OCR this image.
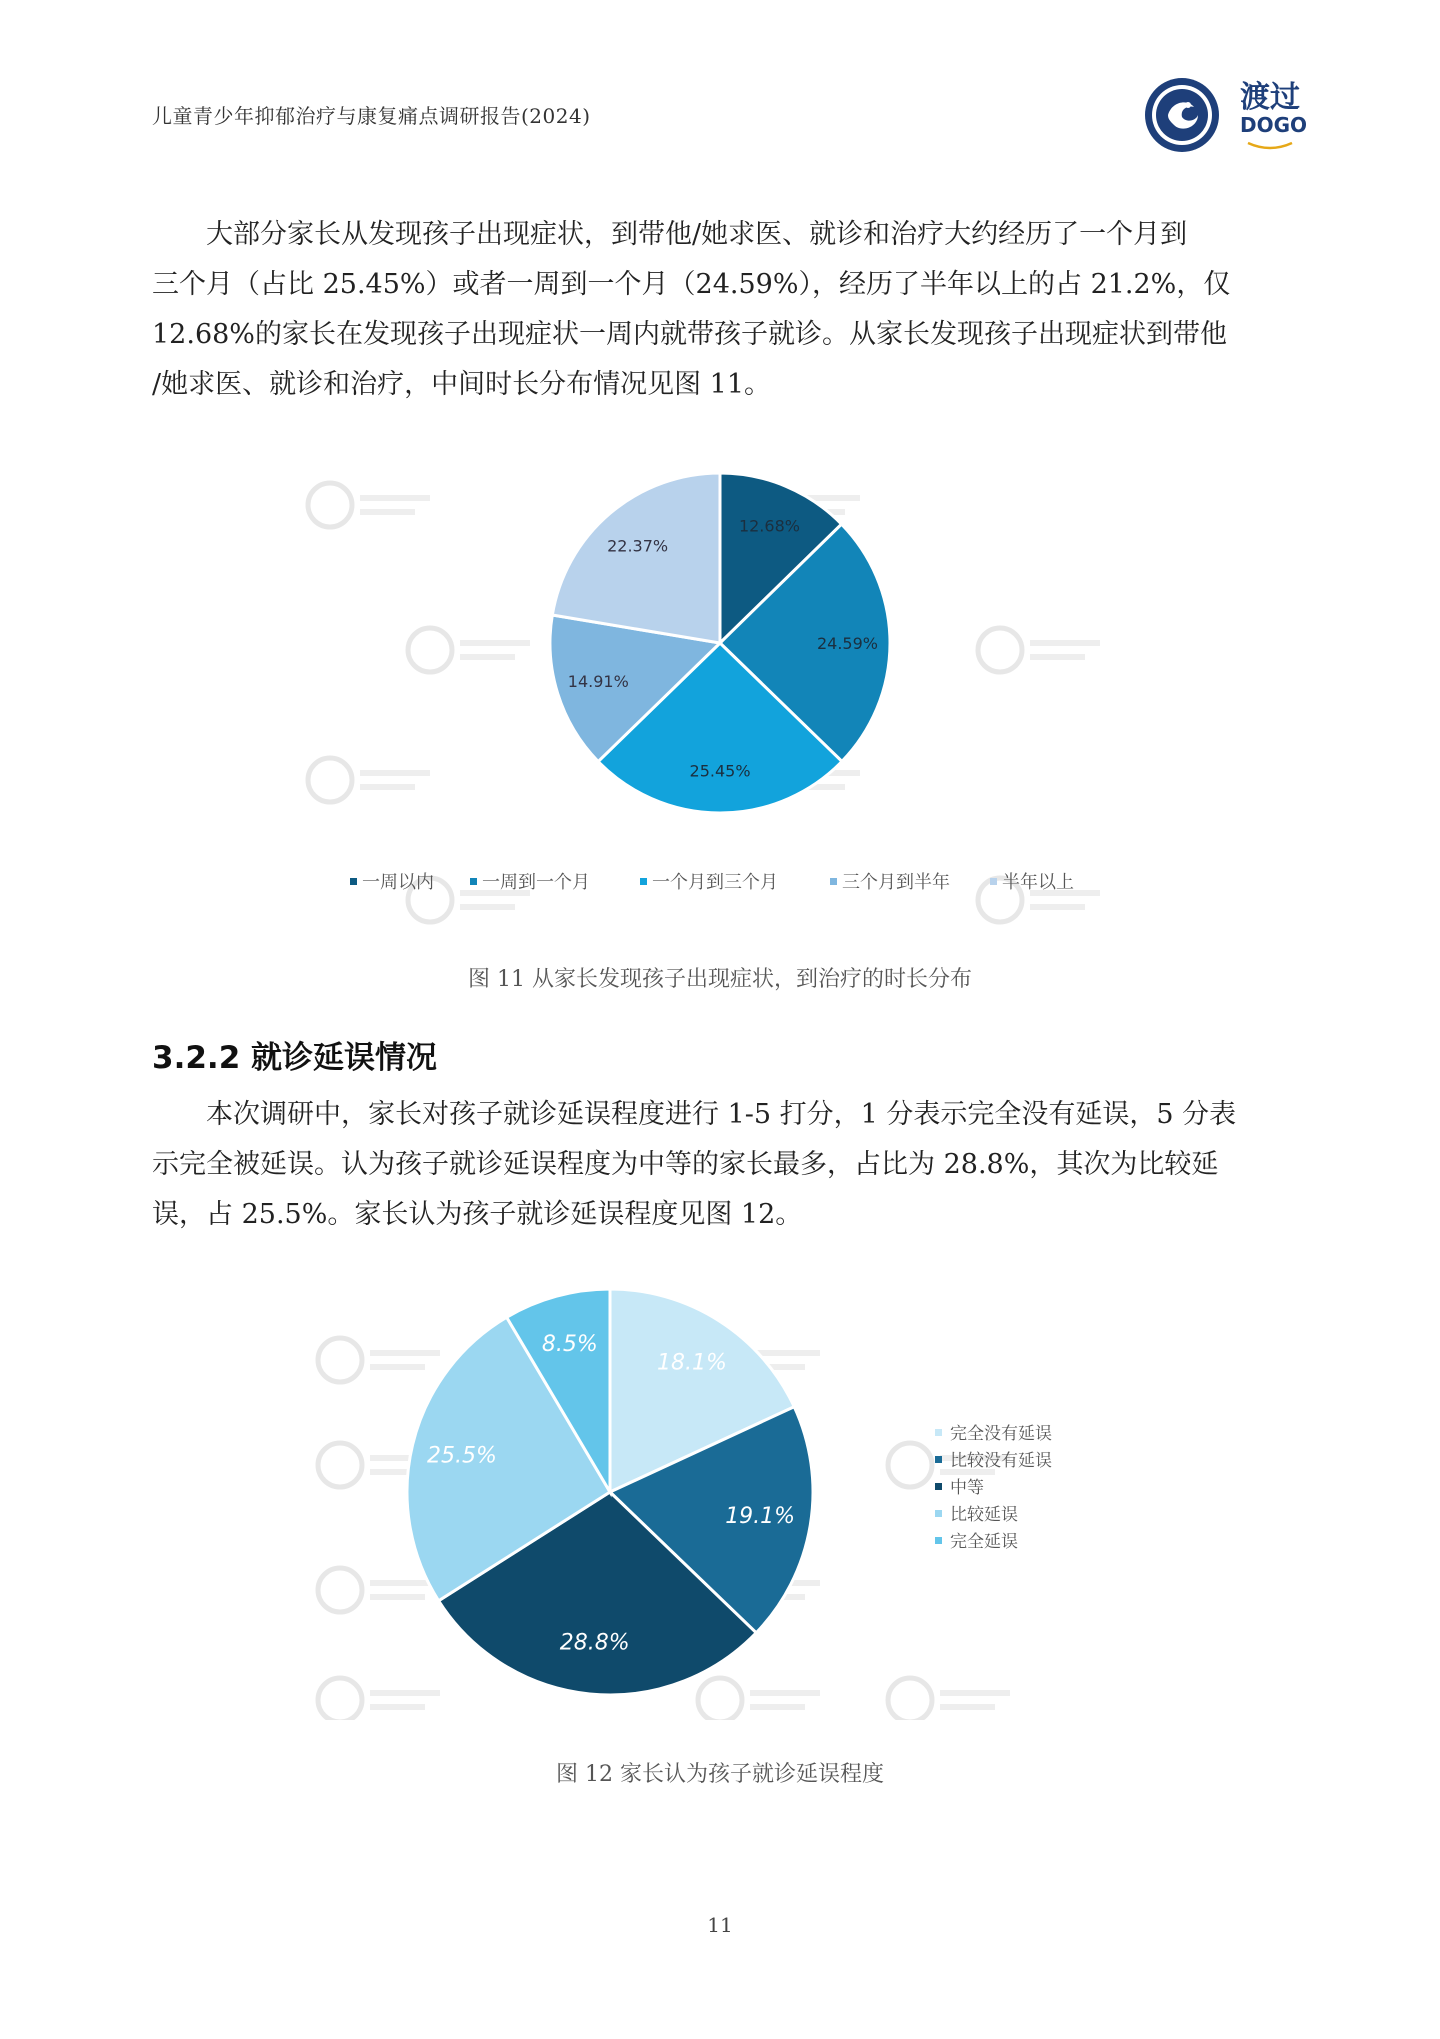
儿童青少年抑郁治疗与康复痛点调研报告(2024)
渡过
DOGO
大部分家长从发现孩子出现症状，到带他/她求医、就诊和治疗大约经历了一个月到
三个月（占比 25.45%）或者一周到一个月（24.59%），经历了半年以上的占 21.2%，仅
12.68%的家长在发现孩子出现症状一周内就带孩子就诊。从家长发现孩子出现症状到带他
/她求医、就诊和治疗，中间时长分布情况见图 11。
12.68%
24.59%
25.45%
14.91%
22.37%
一周以内	一周到一个月	一个月到三个月	三个月到半年	半年以上
图 11 从家长发现孩子出现症状，到治疗的时长分布
3.2.2 就诊延误情况
本次调研中，家长对孩子就诊延误程度进行 1-5 打分，1 分表示完全没有延误，5 分表
示完全被延误。认为孩子就诊延误程度为中等的家长最多，占比为 28.8%，其次为比较延
误，占 25.5%。家长认为孩子就诊延误程度见图 12。
18.1%
19.1%
28.8%
25.5%
8.5%
完全没有延误
比较没有延误
中等
比较延误
完全延误
图 12 家长认为孩子就诊延误程度
11
